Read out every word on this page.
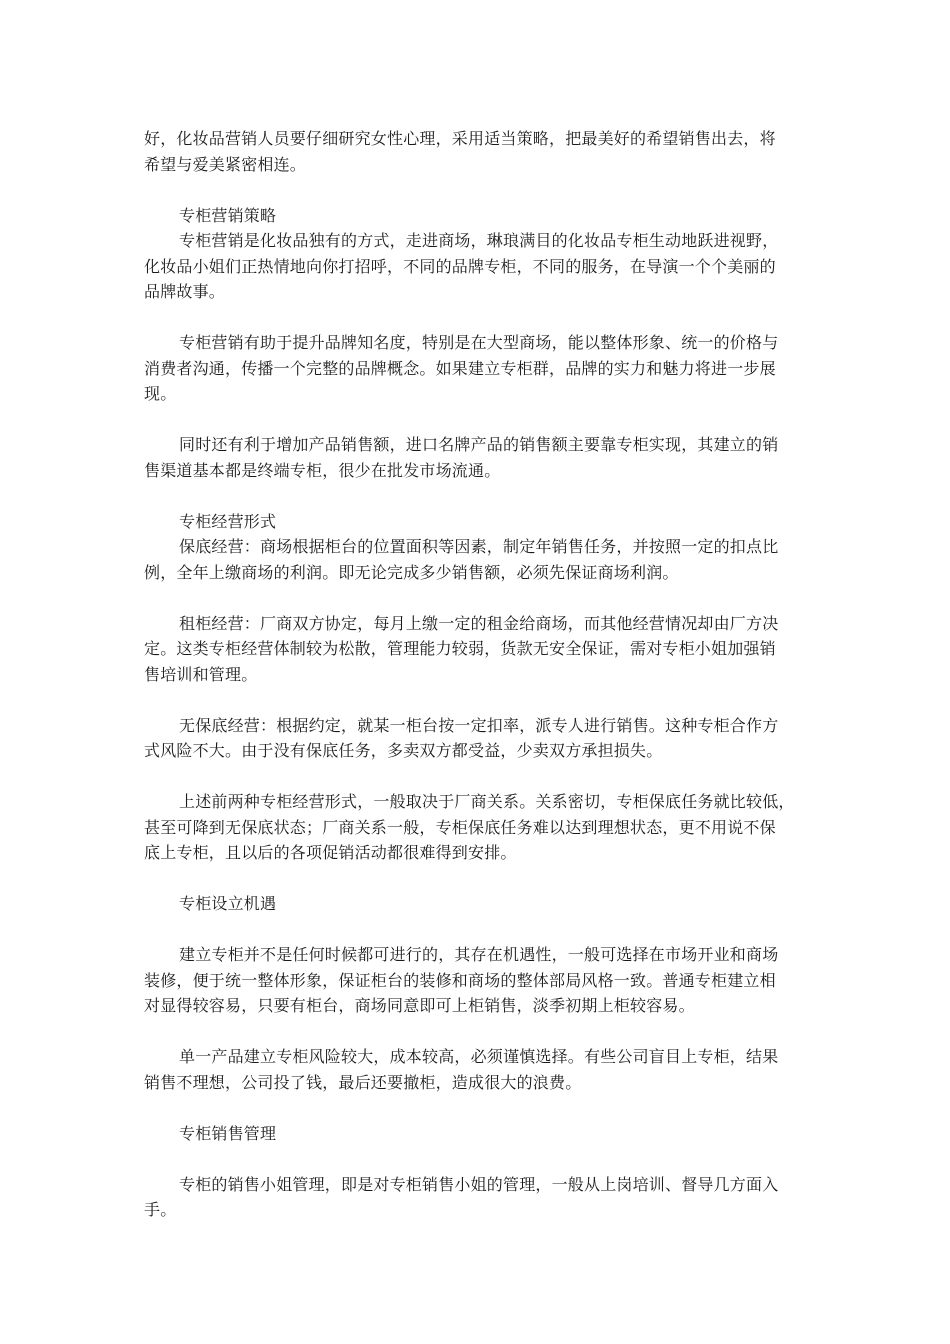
好，化妆品营销人员要仔细研究女性心理，采用适当策略，把最美好的希望销售出去，将
希望与爱美紧密相连。
专柜营销策略
专柜营销是化妆品独有的方式，走进商场，琳琅满目的化妆品专柜生动地跃进视野，
化妆品小姐们正热情地向你打招呼，不同的品牌专柜，不同的服务，在导演一个个美丽的
品牌故事。
专柜营销有助于提升品牌知名度，特别是在大型商场，能以整体形象、统一的价格与
消费者沟通，传播一个完整的品牌概念。如果建立专柜群，品牌的实力和魅力将进一步展
现。
同时还有利于增加产品销售额，进口名牌产品的销售额主要靠专柜实现，其建立的销
售渠道基本都是终端专柜，很少在批发市场流通。
专柜经营形式
保底经营：商场根据柜台的位置面积等因素，制定年销售任务，并按照一定的扣点比
例，全年上缴商场的利润。即无论完成多少销售额，必须先保证商场利润。
租柜经营：厂商双方协定，每月上缴一定的租金给商场，而其他经营情况却由厂方决
定。这类专柜经营体制较为松散，管理能力较弱，货款无安全保证，需对专柜小姐加强销
售培训和管理。
无保底经营：根据约定，就某一柜台按一定扣率，派专人进行销售。这种专柜合作方
式风险不大。由于没有保底任务，多卖双方都受益，少卖双方承担损失。
上述前两种专柜经营形式，一般取决于厂商关系。关系密切，专柜保底任务就比较低，
甚至可降到无保底状态；厂商关系一般，专柜保底任务难以达到理想状态，更不用说不保
底上专柜，且以后的各项促销活动都很难得到安排。
专柜设立机遇
建立专柜并不是任何时候都可进行的，其存在机遇性，一般可选择在市场开业和商场
装修，便于统一整体形象，保证柜台的装修和商场的整体部局风格一致。普通专柜建立相
对显得较容易，只要有柜台，商场同意即可上柜销售，淡季初期上柜较容易。
单一产品建立专柜风险较大，成本较高，必须谨慎选择。有些公司盲目上专柜，结果
销售不理想，公司投了钱，最后还要撤柜，造成很大的浪费。
专柜销售管理
专柜的销售小姐管理，即是对专柜销售小姐的管理，一般从上岗培训、督导几方面入
手。
